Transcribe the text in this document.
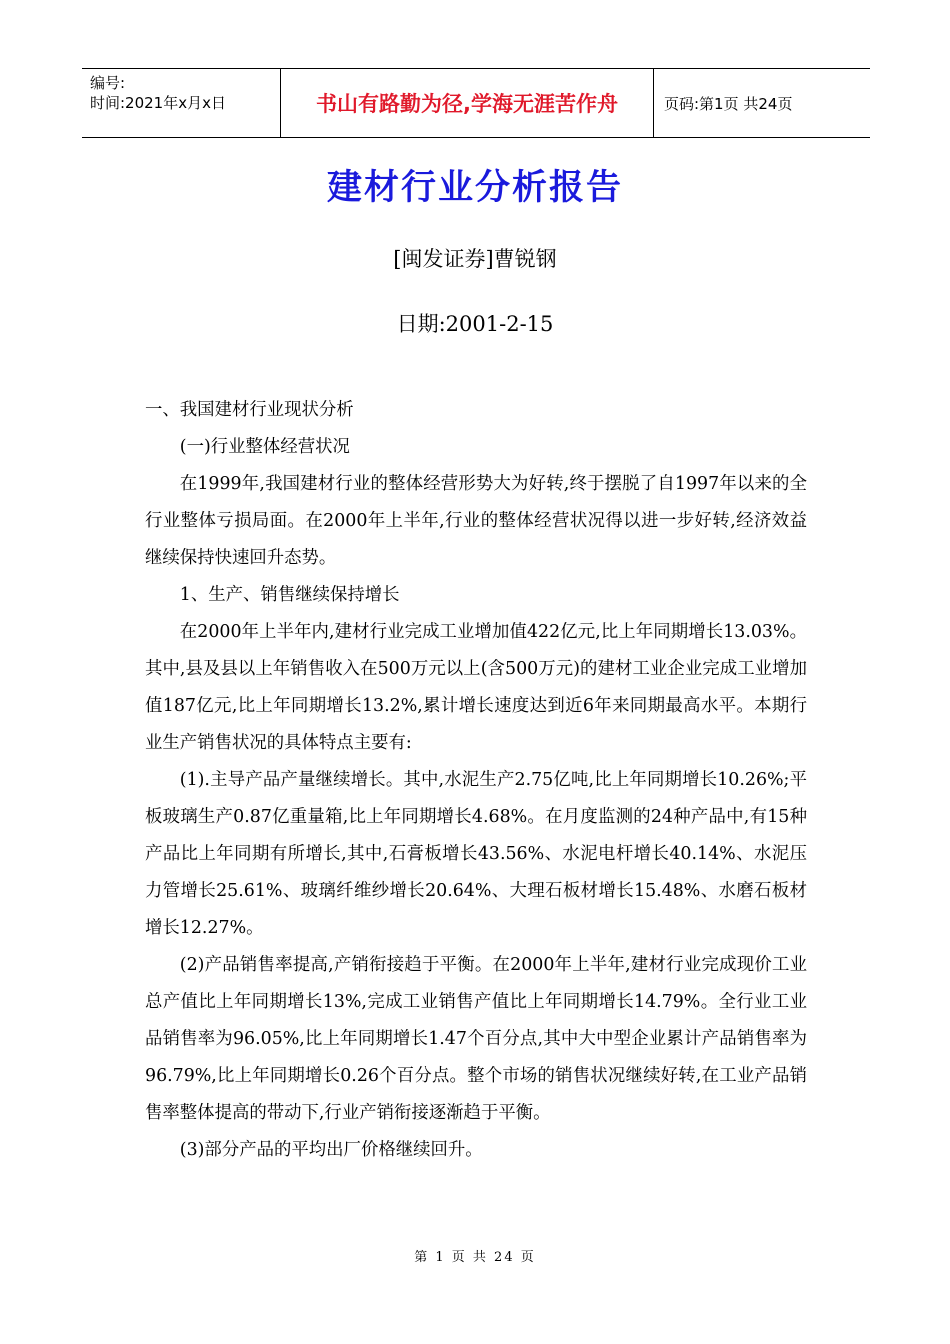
编号:
时间:2021年x月x日	书山有路勤为径,学海无涯苦作舟	页码:第1页 共24页
建材行业分析报告
[闽发证券]曹锐钢
日期:2001-2-15

一、我国建材行业现状分析

(一)行业整体经营状况

在1999年,我国建材行业的整体经营形势大为好转,终于摆脱了自1997年以来的全行业整体亏损局面。在2000年上半年,行业的整体经营状况得以进一步好转,经济效益继续保持快速回升态势。

1、生产、销售继续保持增长

在2000年上半年内,建材行业完成工业增加值422亿元,比上年同期增长13.03%。其中,县及县以上年销售收入在500万元以上(含500万元)的建材工业企业完成工业增加值187亿元,比上年同期增长13.2%,累计增长速度达到近6年来同期最高水平。本期行业生产销售状况的具体特点主要有:

(1).主导产品产量继续增长。其中,水泥生产2.75亿吨,比上年同期增长10.26%;平板玻璃生产0.87亿重量箱,比上年同期增长4.68%。在月度监测的24种产品中,有15种产品比上年同期有所增长,其中,石膏板增长43.56%、水泥电杆增长40.14%、水泥压力管增长25.61%、玻璃纤维纱增长20.64%、大理石板材增长15.48%、水磨石板材增长12.27%。

(2)产品销售率提高,产销衔接趋于平衡。在2000年上半年,建材行业完成现价工业总产值比上年同期增长13%,完成工业销售产值比上年同期增长14.79%。全行业工业品销售率为96.05%,比上年同期增长1.47个百分点,其中大中型企业累计产品销售率为96.79%,比上年同期增长0.26个百分点。整个市场的销售状况继续好转,在工业产品销售率整体提高的带动下,行业产销衔接逐渐趋于平衡。

(3)部分产品的平均出厂价格继续回升。

第 1 页 共 24 页
